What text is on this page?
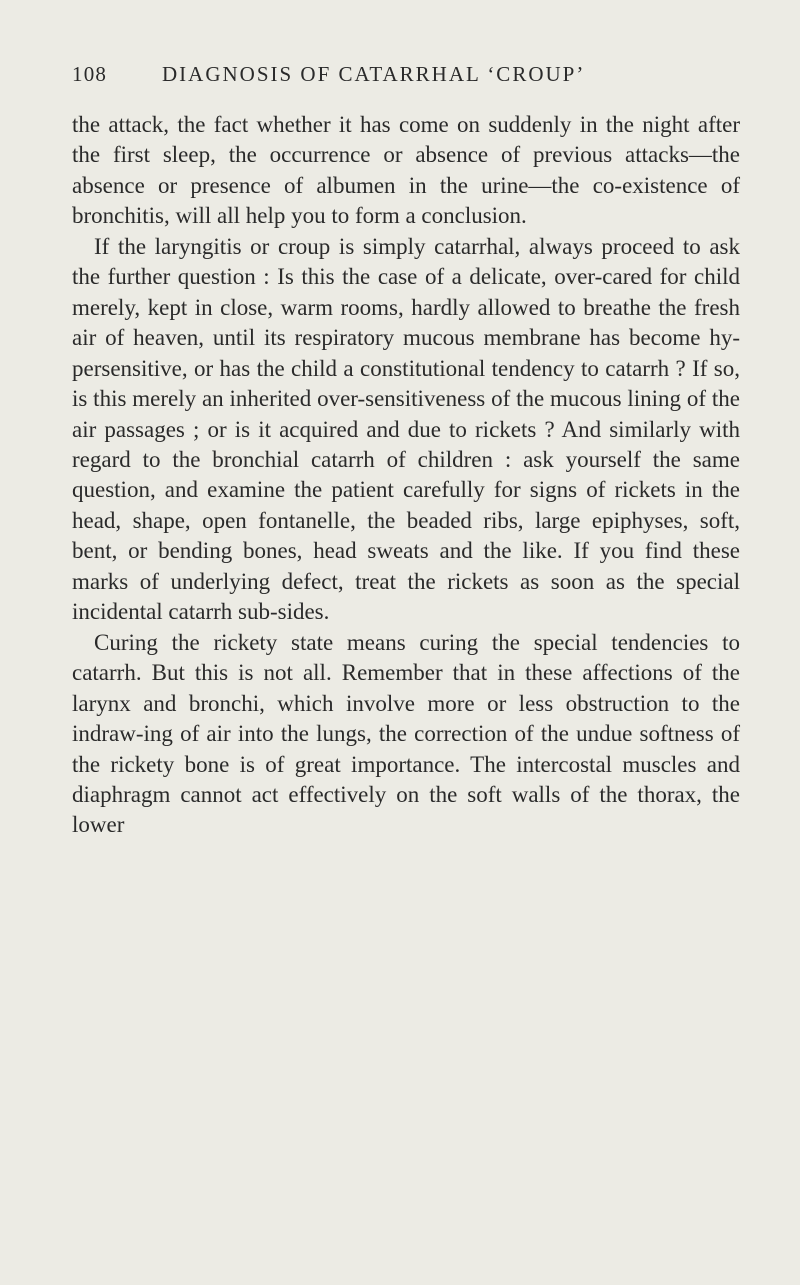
108	DIAGNOSIS OF CATARRHAL ‘CROUP’

the attack, the fact whether it has come on suddenly in the night after the first sleep, the occurrence or absence of previous attacks—the absence or presence of albumen in the urine—the co-existence of bronchitis, will all help you to form a conclusion.

If the laryngitis or croup is simply catarrhal, always proceed to ask the further question : Is this the case of a delicate, over-cared for child merely, kept in close, warm rooms, hardly allowed to breathe the fresh air of heaven, until its respiratory mucous membrane has become hy-persensitive, or has the child a constitutional tendency to catarrh ? If so, is this merely an inherited over-sensitiveness of the mucous lining of the air passages ; or is it acquired and due to rickets ? And similarly with regard to the bronchial catarrh of children : ask yourself the same question, and examine the patient carefully for signs of rickets in the head, shape, open fontanelle, the beaded ribs, large epiphyses, soft, bent, or bending bones, head sweats and the like. If you find these marks of underlying defect, treat the rickets as soon as the special incidental catarrh sub-sides.

Curing the rickety state means curing the special tendencies to catarrh. But this is not all. Remember that in these affections of the larynx and bronchi, which involve more or less obstruction to the indraw-ing of air into the lungs, the correction of the undue softness of the rickety bone is of great importance. The intercostal muscles and diaphragm cannot act effectively on the soft walls of the thorax, the lower
